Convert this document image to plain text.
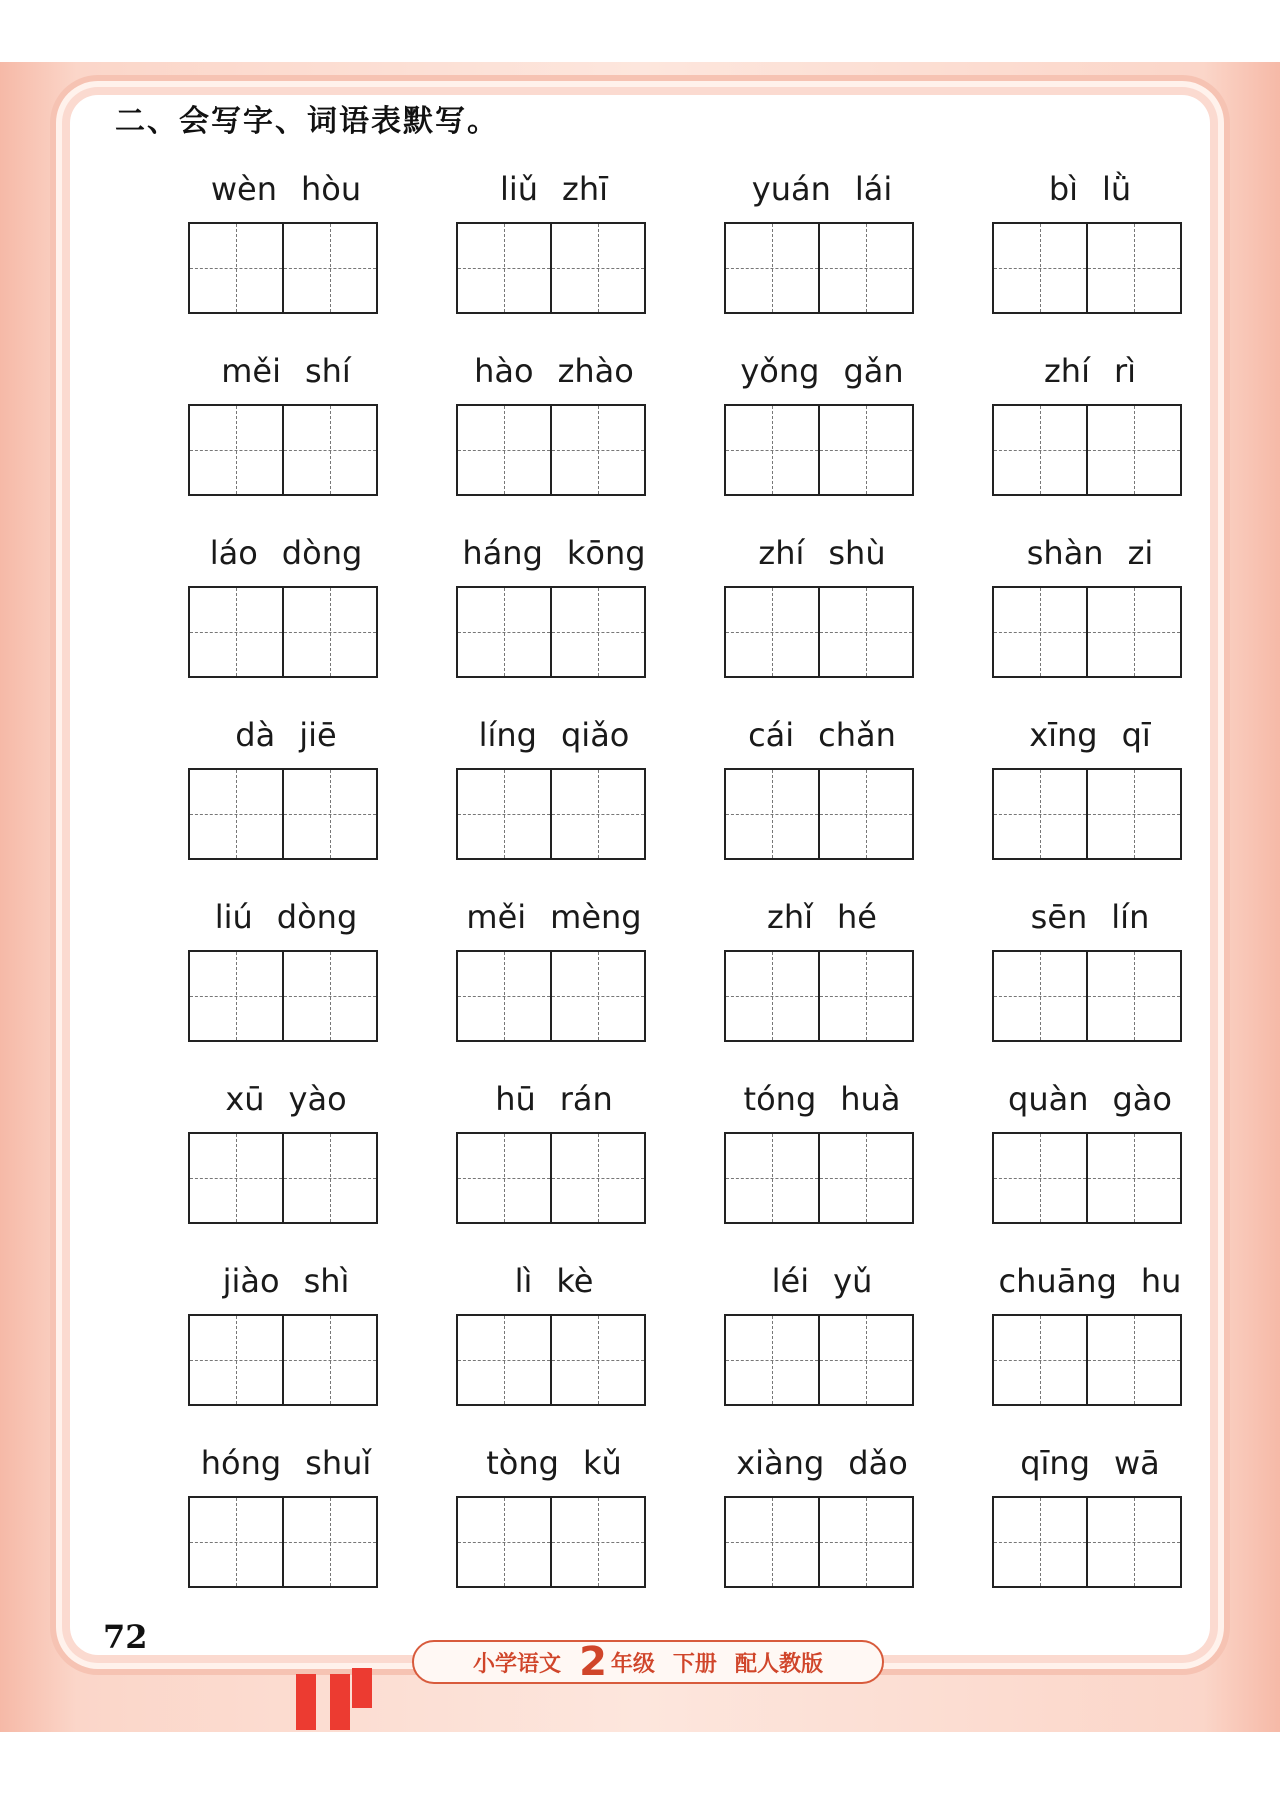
二、会写字、词语表默写。
wèn hòu	liǔ zhī	yuán lái	bì lǜ
měi shí	hào zhào	yǒng gǎn	zhí rì
láo dòng	háng kōng	zhí shù	shàn zi
dà jiē	líng qiǎo	cái chǎn	xīng qī
liú dòng	měi mèng	zhǐ hé	sēn lín
xū yào	hū rán	tóng huà	quàn gào
jiào shì	lì kè	léi yǔ	chuāng hu
hóng shuǐ	tòng kǔ	xiàng dǎo	qīng wā
72
小学语文 2 年级 下册 配人教版
